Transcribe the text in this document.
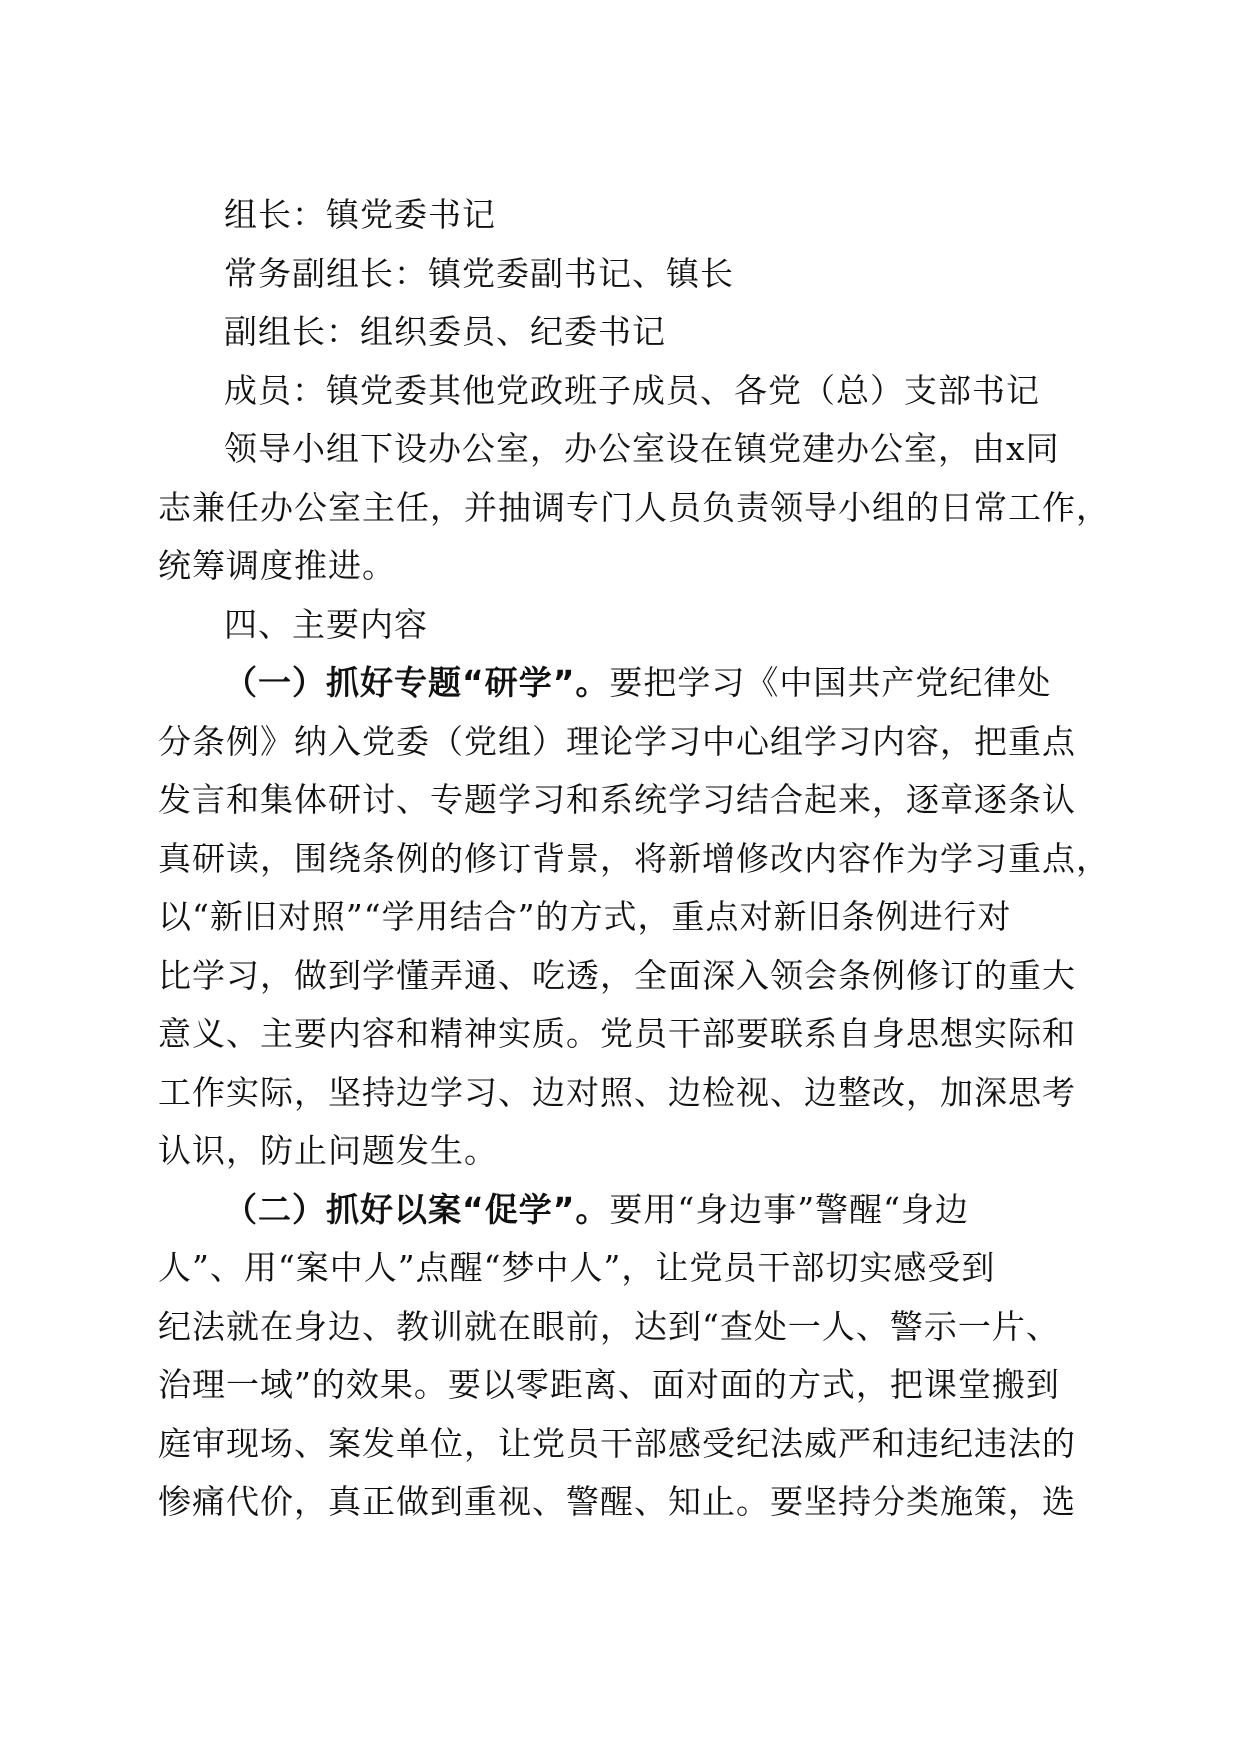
组长：镇党委书记
常务副组长：镇党委副书记、镇长
副组长：组织委员、纪委书记
成员：镇党委其他党政班子成员、各党（总）支部书记
领导小组下设办公室，办公室设在镇党建办公室，由x同
志兼任办公室主任，并抽调专门人员负责领导小组的日常工作，
统筹调度推进。
四、主要内容
（一）抓好专题“研学”。要把学习《中国共产党纪律处
分条例》纳入党委（党组）理论学习中心组学习内容，把重点
发言和集体研讨、专题学习和系统学习结合起来，逐章逐条认
真研读，围绕条例的修订背景，将新增修改内容作为学习重点，
以“新旧对照”“学用结合”的方式，重点对新旧条例进行对
比学习，做到学懂弄通、吃透，全面深入领会条例修订的重大
意义、主要内容和精神实质。党员干部要联系自身思想实际和
工作实际，坚持边学习、边对照、边检视、边整改，加深思考
认识，防止问题发生。
（二）抓好以案“促学”。要用“身边事”警醒“身边
人”、用“案中人”点醒“梦中人”，让党员干部切实感受到
纪法就在身边、教训就在眼前，达到“查处一人、警示一片、
治理一域”的效果。要以零距离、面对面的方式，把课堂搬到
庭审现场、案发单位，让党员干部感受纪法威严和违纪违法的
惨痛代价，真正做到重视、警醒、知止。要坚持分类施策，选
